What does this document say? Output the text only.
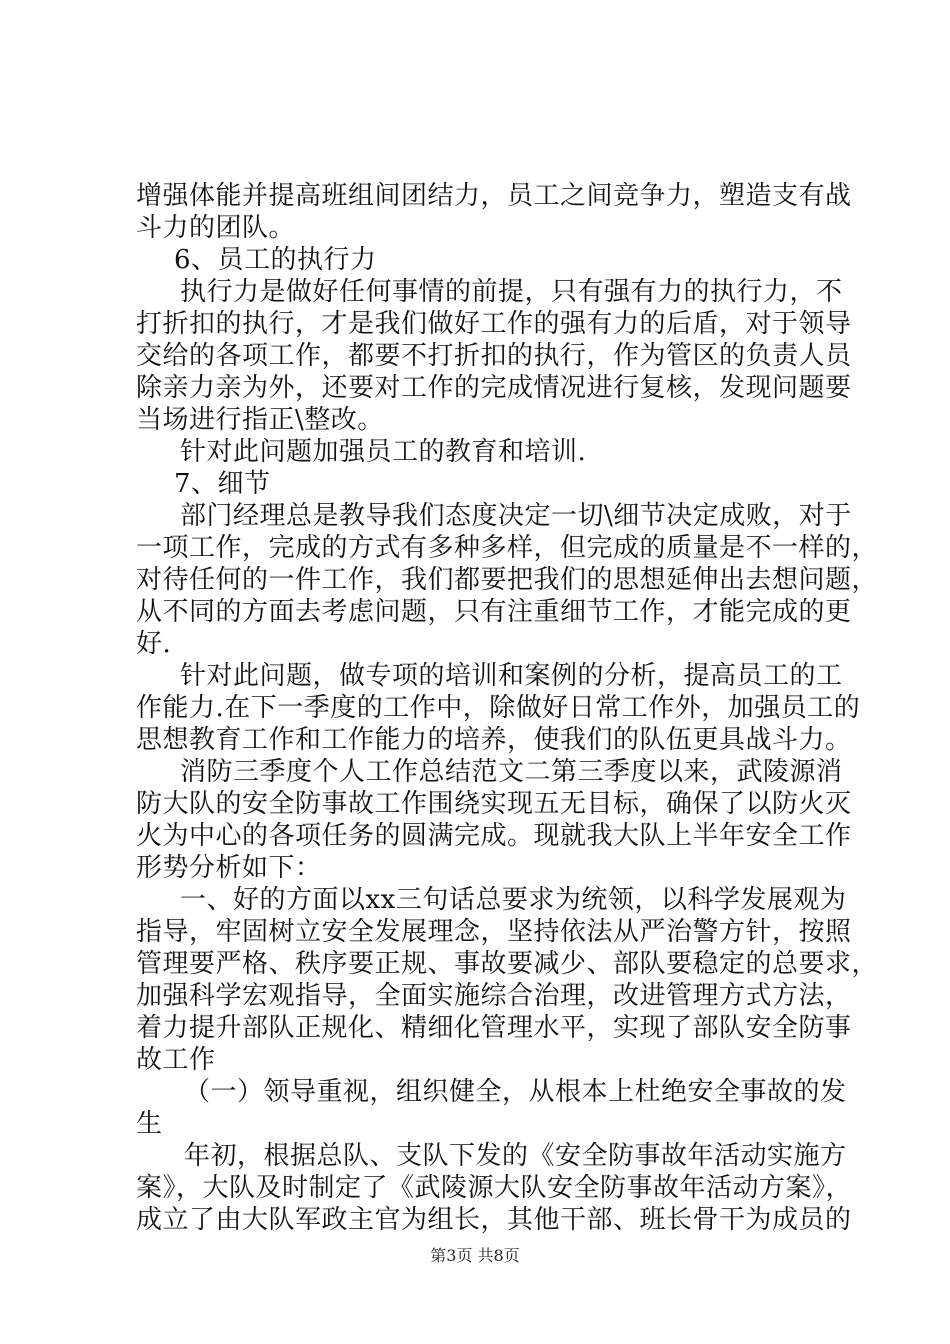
增强体能并提高班组间团结力，员工之间竞争力，塑造支有战
斗力的团队。
6、员工的执行力
执行力是做好任何事情的前提，只有强有力的执行力，不
打折扣的执行，才是我们做好工作的强有力的后盾，对于领导
交给的各项工作，都要不打折扣的执行，作为管区的负责人员
除亲力亲为外，还要对工作的完成情况进行复核，发现问题要
当场进行指正\整改。
针对此问题加强员工的教育和培训.
7、细节
部门经理总是教导我们态度决定一切\细节决定成败，对于
一项工作，完成的方式有多种多样，但完成的质量是不一样的，
对待任何的一件工作，我们都要把我们的思想延伸出去想问题，
从不同的方面去考虑问题，只有注重细节工作，才能完成的更
好.
针对此问题，做专项的培训和案例的分析，提高员工的工
作能力.在下一季度的工作中，除做好日常工作外，加强员工的
思想教育工作和工作能力的培养，使我们的队伍更具战斗力。
消防三季度个人工作总结范文二第三季度以来，武陵源消
防大队的安全防事故工作围绕实现五无目标，确保了以防火灭
火为中心的各项任务的圆满完成。现就我大队上半年安全工作
形势分析如下：
一、好的方面以xx三句话总要求为统领，以科学发展观为
指导，牢固树立安全发展理念，坚持依法从严治警方针，按照
管理要严格、秩序要正规、事故要减少、部队要稳定的总要求，
加强科学宏观指导，全面实施综合治理，改进管理方式方法，
着力提升部队正规化、精细化管理水平，实现了部队安全防事
故工作
（一）领导重视，组织健全，从根本上杜绝安全事故的发
生
年初，根据总队、支队下发的《安全防事故年活动实施方
案》，大队及时制定了《武陵源大队安全防事故年活动方案》，
成立了由大队军政主官为组长，其他干部、班长骨干为成员的
第3页 共8页
